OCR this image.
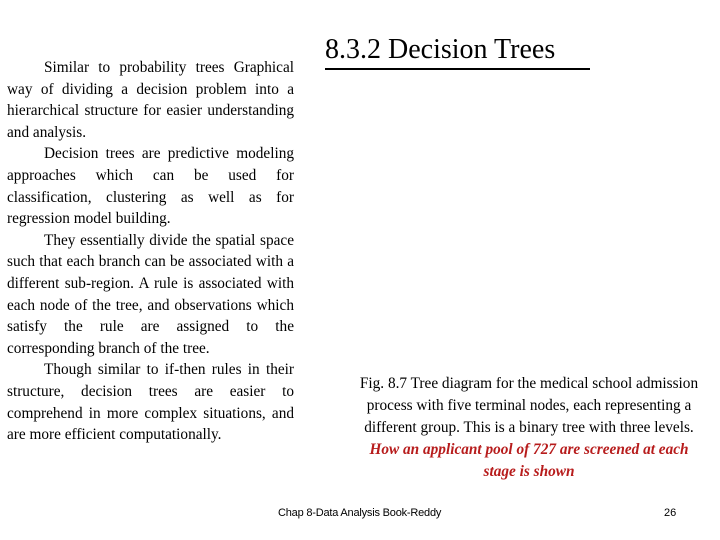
8.3.2 Decision Trees

Similar to probability trees Graphical way of dividing a decision problem into a hierarchical structure for easier understanding and analysis.

Decision trees are predictive modeling approaches which can be used for classification, clustering as well as for regression model building.

They essentially divide the spatial space such that each branch can be associated with a different sub-region. A rule is associated with each node of the tree, and observations which satisfy the rule are assigned to the corresponding branch of the tree.

Though similar to if-then rules in their structure, decision trees are easier to comprehend in more complex situations, and are more efficient computationally.

Fig. 8.7 Tree diagram for the medical school admission process with five terminal nodes, each representing a different group. This is a binary tree with three levels. How an applicant pool of 727 are screened at each stage is shown
Chap 8-Data Analysis Book-Reddy	26
